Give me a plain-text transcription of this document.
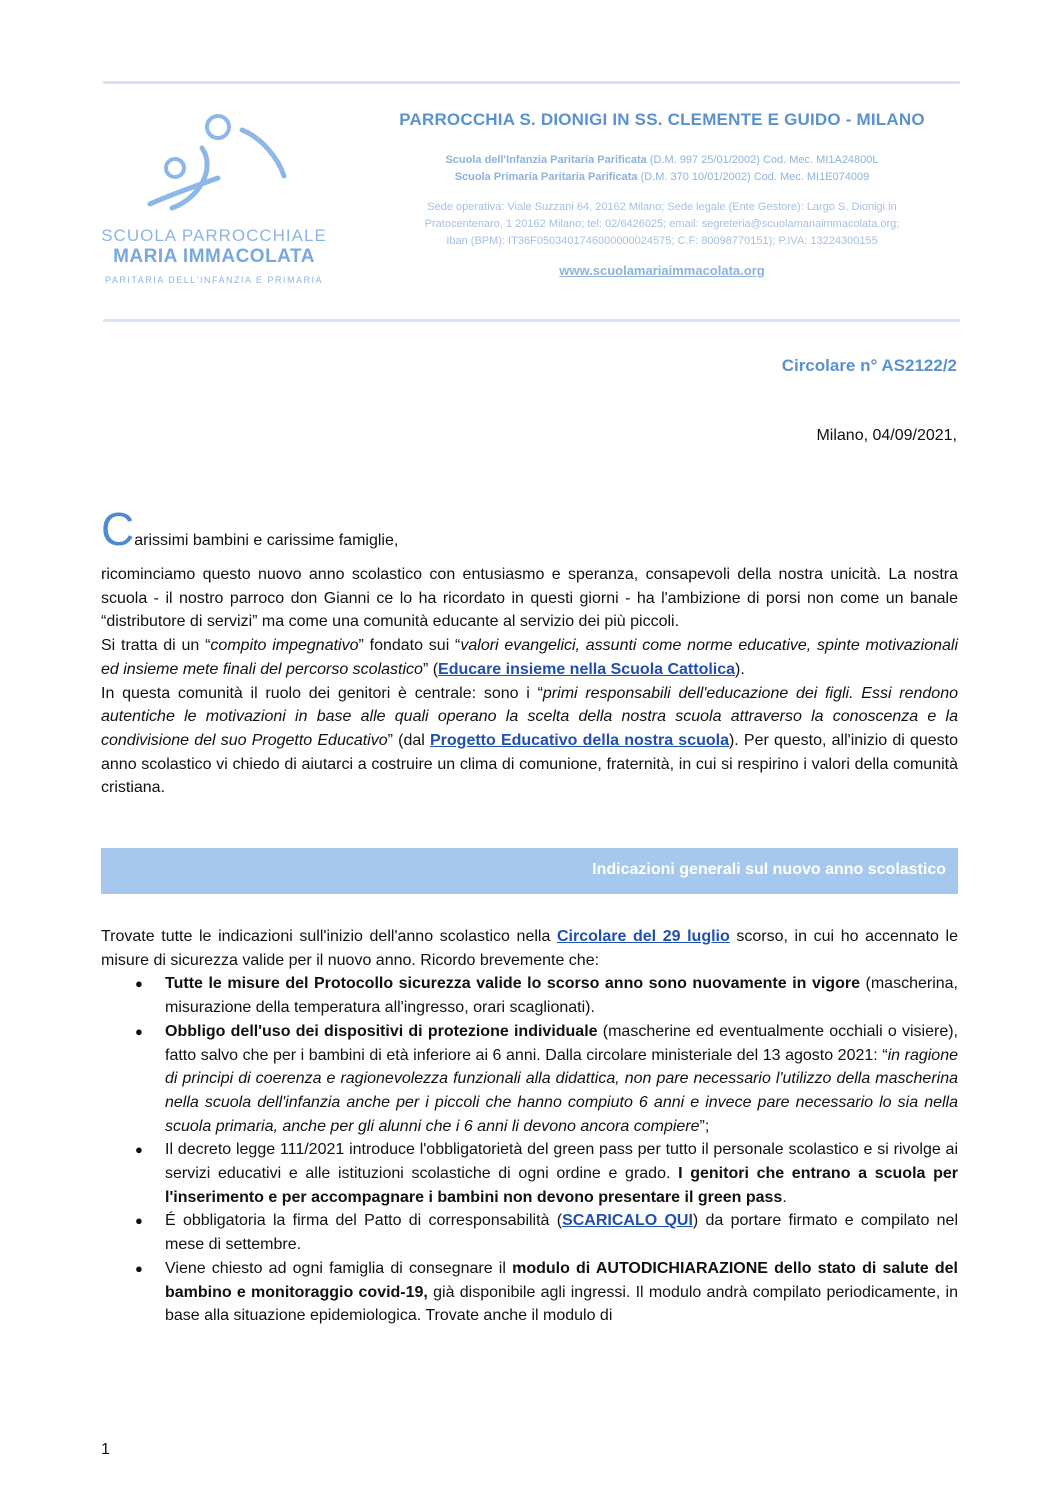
SCUOLA PARROCCHIALE
MARIA IMMACOLATA
PARITARIA DELL'INFANZIA E PRIMARIA
PARROCCHIA S. DIONIGI IN SS. CLEMENTE E GUIDO - MILANO
Scuola dell'Infanzia Paritaria Parificata (D.M. 997 25/01/2002) Cod. Mec. MI1A24800L
Scuola Primaria Paritaria Parificata (D.M. 370 10/01/2002) Cod. Mec. MI1E074009
Sede operativa: Viale Suzzani 64, 20162 Milano; Sede legale (Ente Gestore): Largo S. Dionigi in
Pratocentenaro, 1 20162 Milano; tel: 02/6426025; email: segreteria@scuolamariaimmacolata.org;
Iban (BPM): IT36F0503401746000000024575; C.F: 80098770151); P.IVA: 13224300155
www.scuolamariaimmacolata.org
Circolare n° AS2122/2
Milano, 04/09/2021,
Carissimi bambini e carissime famiglie,

ricominciamo questo nuovo anno scolastico con entusiasmo e speranza, consapevoli della nostra unicità. La nostra scuola - il nostro parroco don Gianni ce lo ha ricordato in questi giorni - ha l'ambizione di porsi non come un banale “distributore di servizi” ma come una comunità educante al servizio dei più piccoli.

Si tratta di un “compito impegnativo” fondato sui “valori evangelici, assunti come norme educative, spinte motivazionali ed insieme mete finali del percorso scolastico” (Educare insieme nella Scuola Cattolica).

In questa comunità il ruolo dei genitori è centrale: sono i “primi responsabili dell'educazione dei figli. Essi rendono autentiche le motivazioni in base alle quali operano la scelta della nostra scuola attraverso la conoscenza e la condivisione del suo Progetto Educativo” (dal Progetto Educativo della nostra scuola). Per questo, all'inizio di questo anno scolastico vi chiedo di aiutarci a costruire un clima di comunione, fraternità, in cui si respirino i valori della comunità cristiana.

Indicazioni generali sul nuovo anno scolastico

Trovate tutte le indicazioni sull'inizio dell'anno scolastico nella Circolare del 29 luglio scorso, in cui ho accennato le misure di sicurezza valide per il nuovo anno. Ricordo brevemente che:

● Tutte le misure del Protocollo sicurezza valide lo scorso anno sono nuovamente in vigore (mascherina, misurazione della temperatura all'ingresso, orari scaglionati).
● Obbligo dell'uso dei dispositivi di protezione individuale (mascherine ed eventualmente occhiali o visiere), fatto salvo che per i bambini di età inferiore ai 6 anni. Dalla circolare ministeriale del 13 agosto 2021: “in ragione di principi di coerenza e ragionevolezza funzionali alla didattica, non pare necessario l'utilizzo della mascherina nella scuola dell'infanzia anche per i piccoli che hanno compiuto 6 anni e invece pare necessario lo sia nella scuola primaria, anche per gli alunni che i 6 anni li devono ancora compiere”;
● Il decreto legge 111/2021 introduce l'obbligatorietà del green pass per tutto il personale scolastico e si rivolge ai servizi educativi e alle istituzioni scolastiche di ogni ordine e grado. I genitori che entrano a scuola per l'inserimento e per accompagnare i bambini non devono presentare il green pass.
● É obbligatoria la firma del Patto di corresponsabilità (SCARICALO QUI) da portare firmato e compilato nel mese di settembre.
● Viene chiesto ad ogni famiglia di consegnare il modulo di AUTODICHIARAZIONE dello stato di salute del bambino e monitoraggio covid-19, già disponibile agli ingressi. Il modulo andrà compilato periodicamente, in base alla situazione epidemiologica. Trovate anche il modulo di
1
